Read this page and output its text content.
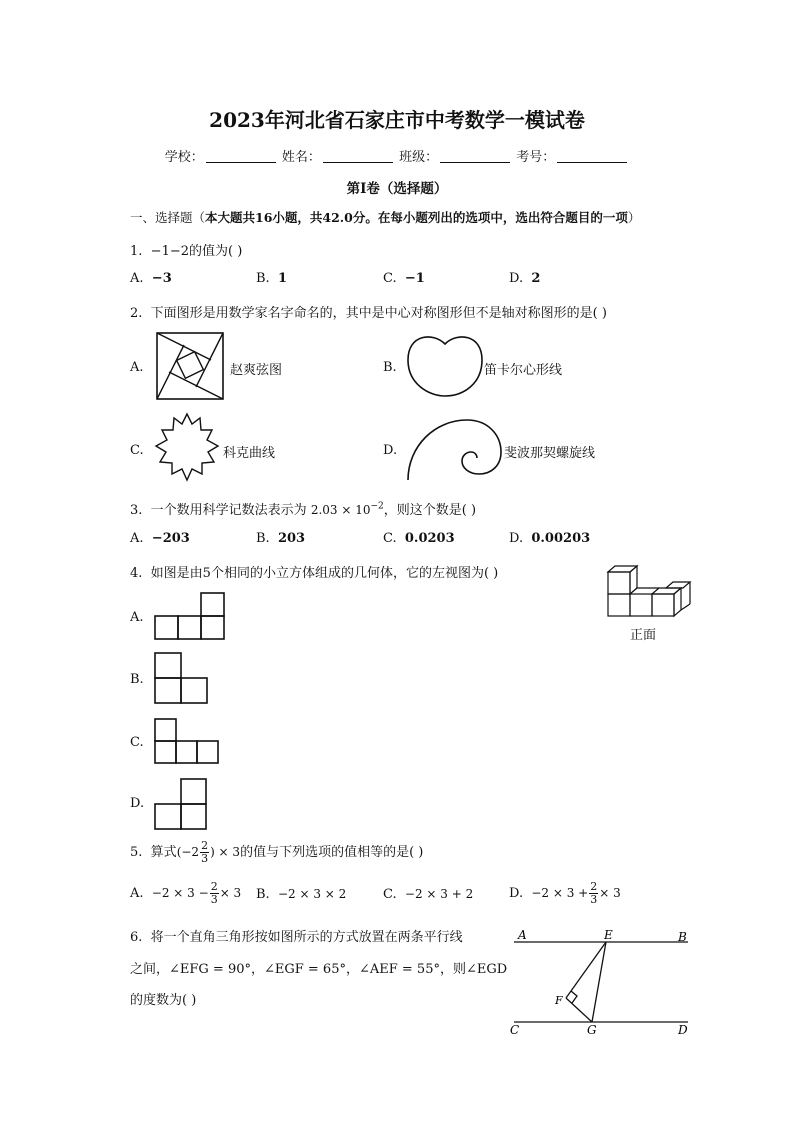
2023年河北省石家庄市中考数学一模试卷
学校：	姓名：	班级：	考号：
第Ⅰ卷（选择题）
一、选择题（本大题共16小题，共42.0分。在每小题列出的选项中，选出符合题目的一项）
1. −1−2的值为( )
A. −3	B. 1	C. −1	D. 2
2. 下面图形是用数学家名字命名的，其中是中心对称图形但不是轴对称图形的是( )
A.	赵爽弦图	B.	笛卡尔心形线
C.	科克曲线	D.	斐波那契螺旋线
3. 一个数用科学记数法表示为 $2.03 \times 10^{-2}$，则这个数是( )
A. −203	B. 203	C. 0.0203	D. 0.00203
4. 如图是由5个相同的小立方体组成的几何体，它的左视图为( )
正面
A.
B.
C.
D.
5. 算式($-2 \frac{2}{3}$ ) × 3的值与下列选项的值相等的是( )
A. $-2 \times 3 - \frac{2}{3} \times 3$ B. −2 × 3 × 2	C. −2 × 3 + 2	D. $-2 \times 3 + \frac{2}{3} \times 3$
6. 将一个直角三角形按如图所示的方式放置在两条平行线
之间，∠EFG = 90°，∠EGF = 65°，∠AEF = 55°，则∠EGD
的度数为( )
A	E	B
F
C	G	D
